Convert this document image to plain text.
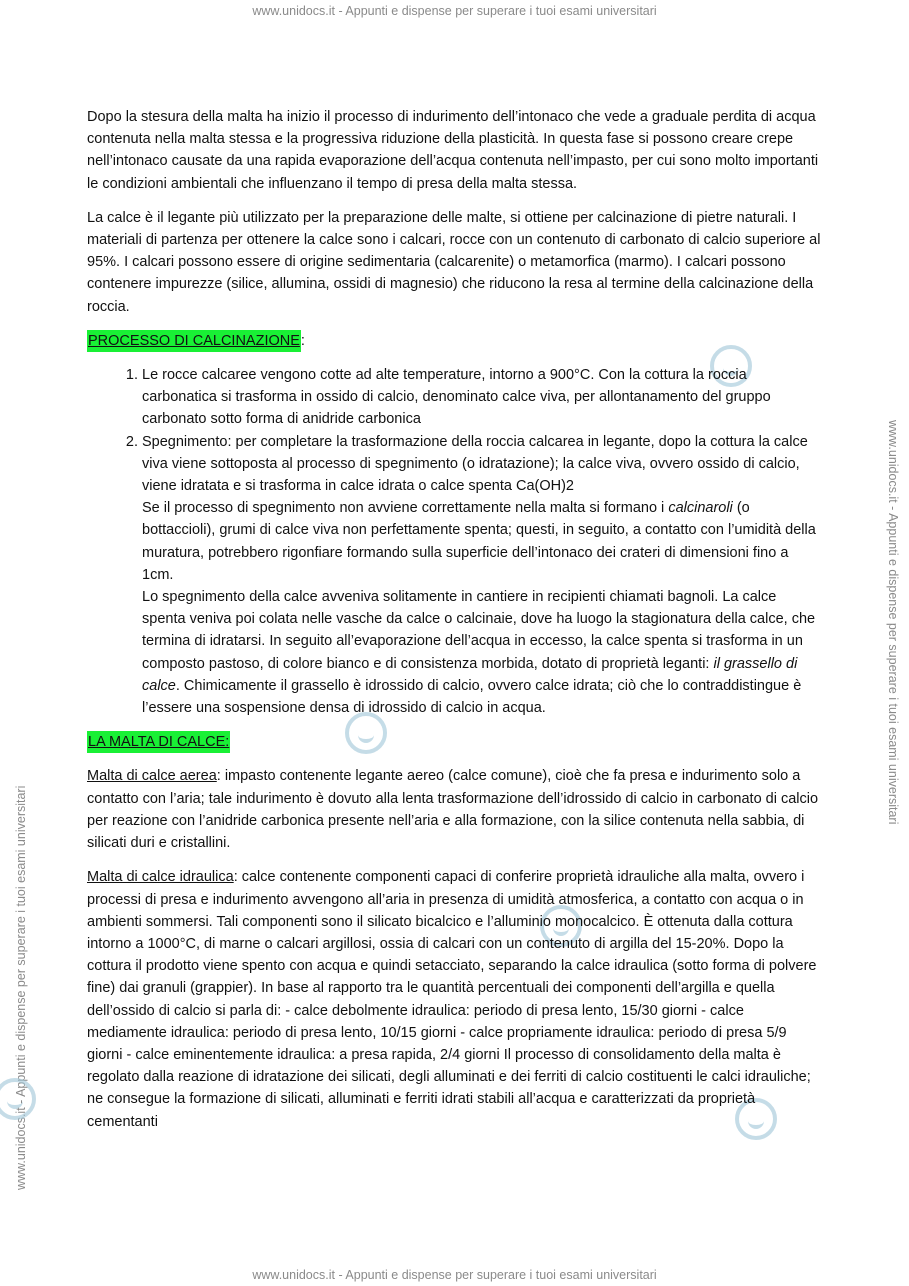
www.unidocs.it - Appunti e dispense per superare i tuoi esami universitari
www.unidocs.it - Appunti e dispense per superare i tuoi esami universitari
www.unidocs.it - Appunti e dispense per superare i tuoi esami universitari

Dopo la stesura della malta ha inizio il processo di indurimento dell’intonaco che vede a graduale perdita di acqua contenuta nella malta stessa e la progressiva riduzione della plasticità. In questa fase si possono creare crepe nell’intonaco causate da una rapida evaporazione dell’acqua contenuta nell’impasto, per cui sono molto importanti le condizioni ambientali che influenzano il tempo di presa della malta stessa.

La calce è il legante più utilizzato per la preparazione delle malte, si ottiene per calcinazione di pietre naturali. I materiali di partenza per ottenere la calce sono i calcari, rocce con un contenuto di carbonato di calcio superiore al 95%. I calcari possono essere di origine sedimentaria (calcarenite) o metamorfica (marmo). I calcari possono contenere impurezze (silice, allumina, ossidi di magnesio) che riducono la resa al termine della calcinazione della roccia.

PROCESSO DI CALCINAZIONE:
1. Le rocce calcaree vengono cotte ad alte temperature, intorno a 900°C. Con la cottura la roccia carbonatica si trasforma in ossido di calcio, denominato calce viva, per allontanamento del gruppo carbonato sotto forma di anidride carbonica
2. Spegnimento: per completare la trasformazione della roccia calcarea in legante, dopo la cottura la calce viva viene sottoposta al processo di spegnimento (o idratazione); la calce viva, ovvero ossido di calcio, viene idratata e si trasforma in calce idrata o calce spenta Ca(OH)2
Se il processo di spegnimento non avviene correttamente nella malta si formano i calcinaroli (o bottaccioli), grumi di calce viva non perfettamente spenta; questi, in seguito, a contatto con l’umidità della muratura, potrebbero rigonfiare formando sulla superficie dell’intonaco dei crateri di dimensioni fino a 1cm.
Lo spegnimento della calce avveniva solitamente in cantiere in recipienti chiamati bagnoli. La calce spenta veniva poi colata nelle vasche da calce o calcinaie, dove ha luogo la stagionatura della calce, che termina di idratarsi. In seguito all’evaporazione dell’acqua in eccesso, la calce spenta si trasforma in un composto pastoso, di colore bianco e di consistenza morbida, dotato di proprietà leganti: il grassello di calce. Chimicamente il grassello è idrossido di calcio, ovvero calce idrata; ciò che lo contraddistingue è l’essere una sospensione densa di idrossido di calcio in acqua.
LA MALTA DI CALCE:

Malta di calce aerea: impasto contenente legante aereo (calce comune), cioè che fa presa e indurimento solo a contatto con l’aria; tale indurimento è dovuto alla lenta trasformazione dell’idrossido di calcio in carbonato di calcio per reazione con l’anidride carbonica presente nell’aria e alla formazione, con la silice contenuta nella sabbia, di silicati duri e cristallini.

Malta di calce idraulica: calce contenente componenti capaci di conferire proprietà idrauliche alla malta, ovvero i processi di presa e indurimento avvengono all’aria in presenza di umidità atmosferica, a contatto con acqua o in ambienti sommersi. Tali componenti sono il silicato bicalcico e l’alluminio monocalcico. È ottenuta dalla cottura intorno a 1000°C, di marne o calcari argillosi, ossia di calcari con un contenuto di argilla del 15-20%. Dopo la cottura il prodotto viene spento con acqua e quindi setacciato, separando la calce idraulica (sotto forma di polvere fine) dai granuli (grappier). In base al rapporto tra le quantità percentuali dei componenti dell’argilla e quella dell’ossido di calcio si parla di: - calce debolmente idraulica: periodo di presa lento, 15/30 giorni - calce mediamente idraulica: periodo di presa lento, 10/15 giorni - calce propriamente idraulica: periodo di presa 5/9 giorni - calce eminentemente idraulica: a presa rapida, 2/4 giorni Il processo di consolidamento della malta è regolato dalla reazione di idratazione dei silicati, degli alluminati e dei ferriti di calcio costituenti le calci idrauliche; ne consegue la formazione di silicati, alluminati e ferriti idrati stabili all’acqua e caratterizzati da proprietà cementanti

www.unidocs.it - Appunti e dispense per superare i tuoi esami universitari
